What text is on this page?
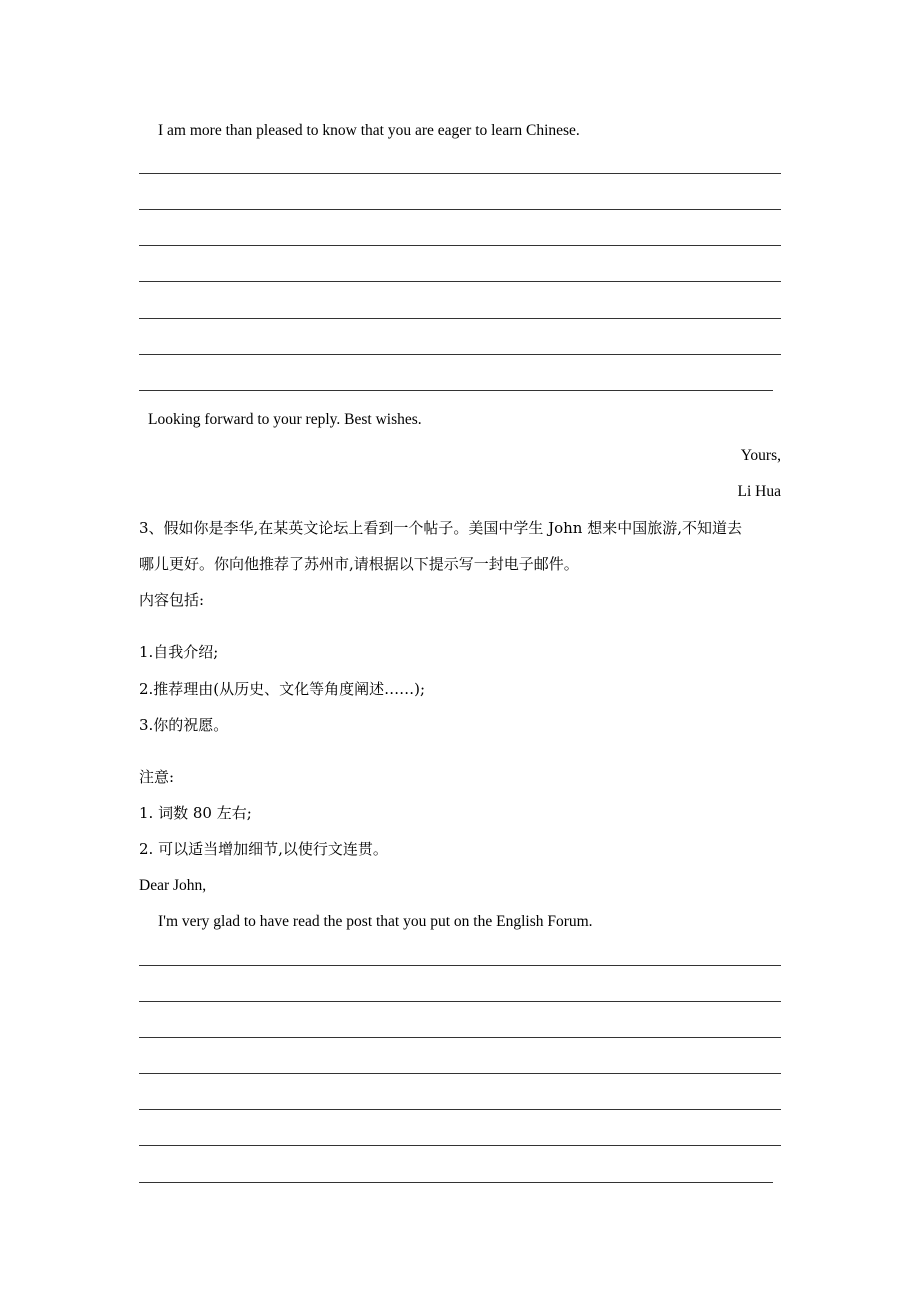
I am more than pleased to know that you are eager to learn Chinese.
Looking forward to your reply. Best wishes.
Yours,
Li Hua
3、假如你是李华,在某英文论坛上看到一个帖子。美国中学生 John 想来中国旅游,不知道去
哪儿更好。你向他推荐了苏州市,请根据以下提示写一封电子邮件。
内容包括:
1.自我介绍;
2.推荐理由(从历史、文化等角度阐述……);
3.你的祝愿。
注意:
1. 词数 80 左右;
2. 可以适当增加细节,以使行文连贯。
Dear John,
I'm very glad to have read the post that you put on the English Forum.
